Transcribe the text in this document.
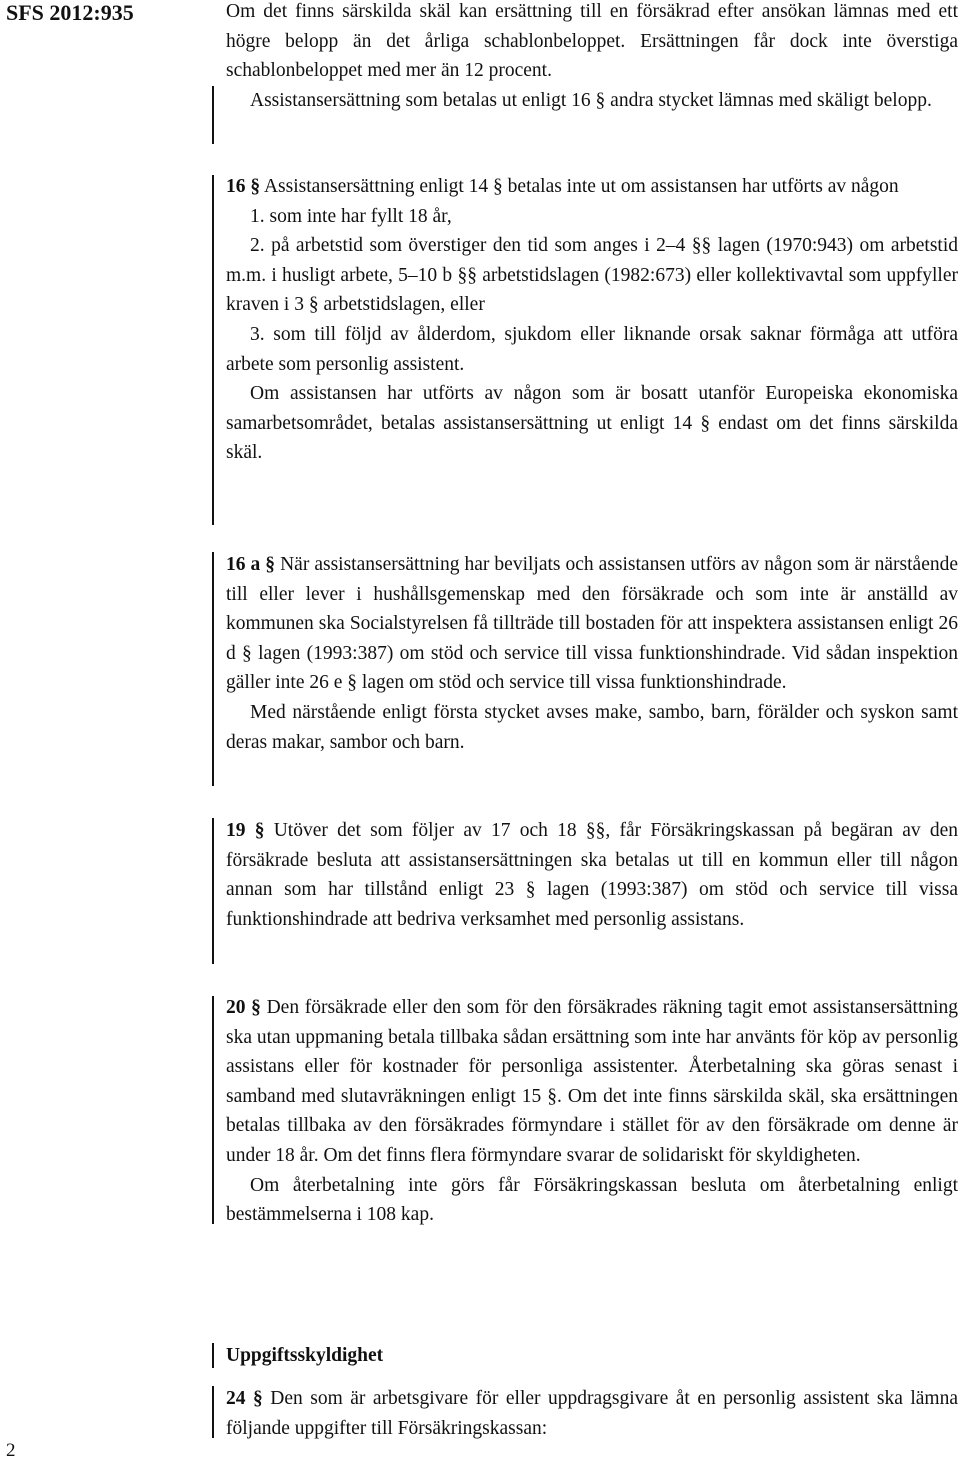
SFS 2012:935	Om det finns särskilda skäl kan ersättning till en försäkrad efter ansökan lämnas med ett högre belopp än det årliga schablonbeloppet. Ersättningen får dock inte överstiga schablonbeloppet med mer än 12 procent.

Assistansersättning som betalas ut enligt 16 § andra stycket lämnas med skäligt belopp.

16 § Assistansersättning enligt 14 § betalas inte ut om assistansen har utförts av någon

1. som inte har fyllt 18 år,

2. på arbetstid som överstiger den tid som anges i 2–4 §§ lagen (1970:943) om arbetstid m.m. i husligt arbete, 5–10 b §§ arbetstidslagen (1982:673) eller kollektivavtal som uppfyller kraven i 3 § arbetstidslagen, eller

3. som till följd av ålderdom, sjukdom eller liknande orsak saknar förmåga att utföra arbete som personlig assistent.

Om assistansen har utförts av någon som är bosatt utanför Europeiska ekonomiska samarbetsområdet, betalas assistansersättning ut enligt 14 § endast om det finns särskilda skäl.

16 a § När assistansersättning har beviljats och assistansen utförs av någon som är närstående till eller lever i hushållsgemenskap med den försäkrade och som inte är anställd av kommunen ska Socialstyrelsen få tillträde till bostaden för att inspektera assistansen enligt 26 d § lagen (1993:387) om stöd och service till vissa funktionshindrade. Vid sådan inspektion gäller inte 26 e § lagen om stöd och service till vissa funktionshindrade.

Med närstående enligt första stycket avses make, sambo, barn, förälder och syskon samt deras makar, sambor och barn.

19 § Utöver det som följer av 17 och 18 §§, får Försäkringskassan på begäran av den försäkrade besluta att assistansersättningen ska betalas ut till en kommun eller till någon annan som har tillstånd enligt 23 § lagen (1993:387) om stöd och service till vissa funktionshindrade att bedriva verksamhet med personlig assistans.

20 § Den försäkrade eller den som för den försäkrades räkning tagit emot assistansersättning ska utan uppmaning betala tillbaka sådan ersättning som inte har använts för köp av personlig assistans eller för kostnader för personliga assistenter. Återbetalning ska göras senast i samband med slutavräkningen enligt 15 §. Om det inte finns särskilda skäl, ska ersättningen betalas tillbaka av den försäkrades förmyndare i stället för av den försäkrade om denne är under 18 år. Om det finns flera förmyndare svarar de solidariskt för skyldigheten.

Om återbetalning inte görs får Försäkringskassan besluta om återbetalning enligt bestämmelserna i 108 kap.

Uppgiftsskyldighet

24 § Den som är arbetsgivare för eller uppdragsgivare åt en personlig assistent ska lämna följande uppgifter till Försäkringskassan:

2
